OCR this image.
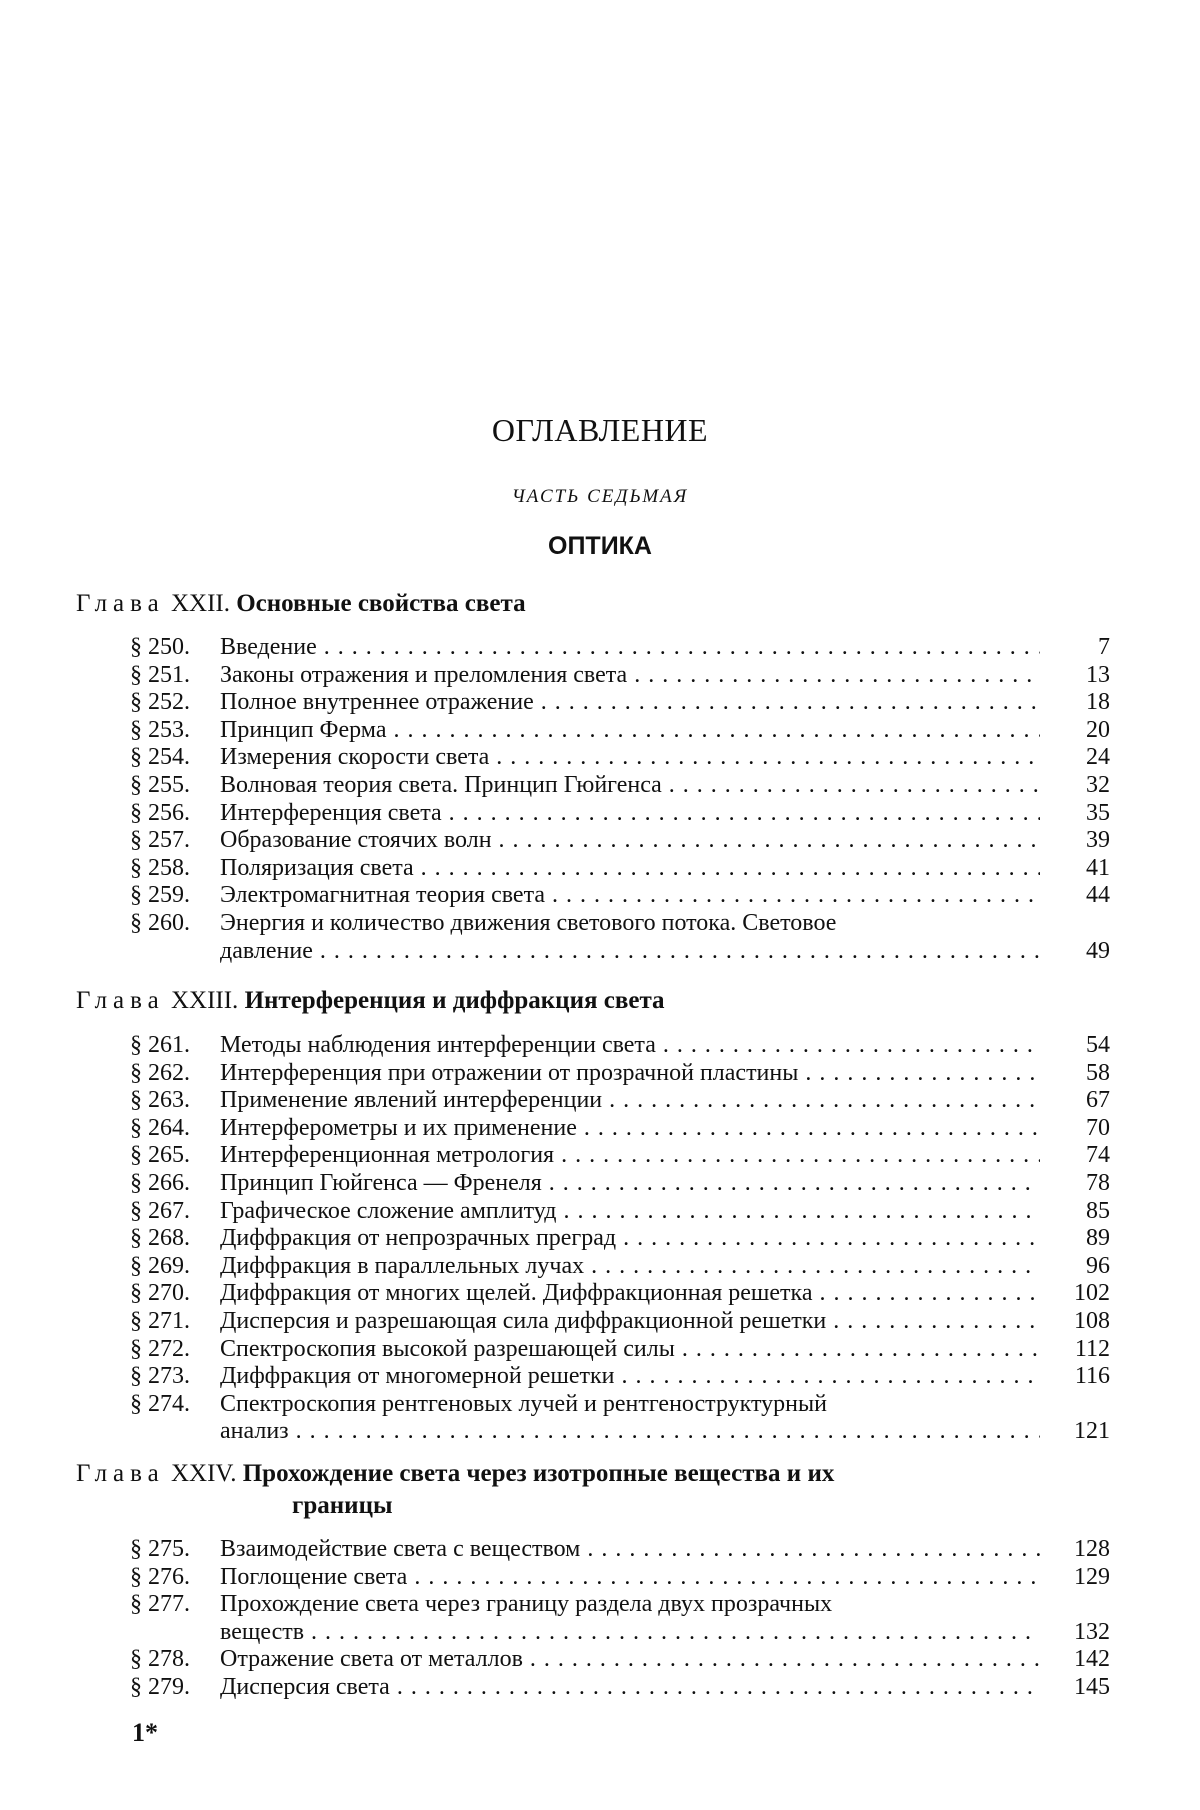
ОГЛАВЛЕНИЕ
ЧАСТЬ СЕДЬМАЯ
ОПТИКА
Глава XXII. Основные свойства света
§ 250.	Введение . . .	7
§ 251.	Законы отражения и преломления света . . .	13
§ 252.	Полное внутреннее отражение . . .	18
§ 253.	Принцип Ферма . . .	20
§ 254.	Измерения скорости света . . .	24
§ 255.	Волновая теория света. Принцип Гюйгенса . . .	32
§ 256.	Интерференция света . . .	35
§ 257.	Образование стоячих волн . . .	39
§ 258.	Поляризация света . . .	41
§ 259.	Электромагнитная теория света . . .	44
§ 260.	Энергия и количество движения светового потока. Световое
давление . . .	49
Глава XXIII. Интерференция и диффракция света
§ 261.	Методы наблюдения интерференции света . . .	54
§ 262.	Интерференция при отражении от прозрачной пластины . . .	58
§ 263.	Применение явлений интерференции . . .	67
§ 264.	Интерферометры и их применение . . .	70
§ 265.	Интерференционная метрология . . .	74
§ 266.	Принцип Гюйгенса — Френеля . . .	78
§ 267.	Графическое сложение амплитуд . . .	85
§ 268.	Диффракция от непрозрачных преград . . .	89
§ 269.	Диффракция в параллельных лучах . . .	96
§ 270.	Диффракция от многих щелей. Диффракционная решетка . . .	102
§ 271.	Дисперсия и разрешающая сила диффракционной решетки . . .	108
§ 272.	Спектроскопия высокой разрешающей силы . . .	112
§ 273.	Диффракция от многомерной решетки . . .	116
§ 274.	Спектроскопия рентгеновых лучей и рентгеноструктурный
анализ . . .	121
Глава XXIV. Прохождение света через изотропные вещества и их
границы
§ 275.	Взаимодействие света с веществом . . .	128
§ 276.	Поглощение света . . .	129
§ 277.	Прохождение света через границу раздела двух прозрачных
веществ . . .	132
§ 278.	Отражение света от металлов . . .	142
§ 279.	Дисперсия света . . .	145
1*
